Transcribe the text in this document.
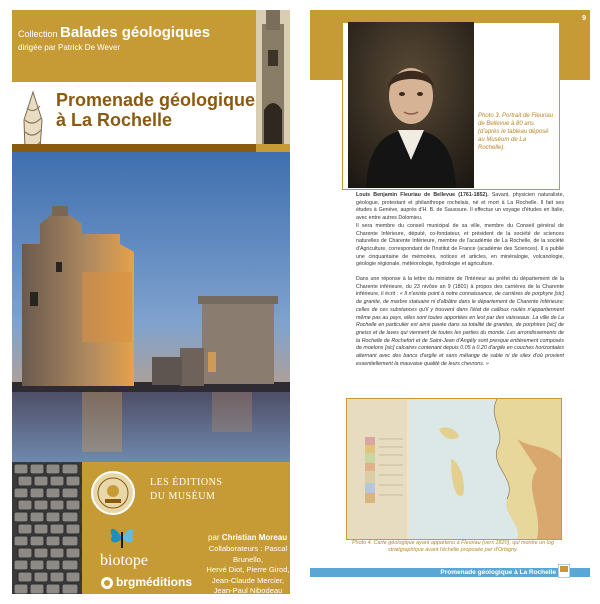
Collection Balades géologiques
dirigée par Patrick De Wever
Promenade géologique
à La Rochelle
LES ÉDITIONS
DU MUSÉUM
par Christian Moreau
Collaborateurs : Pascal Brunello,
Hervé Diot, Pierre Girod,
Jean-Claude Mercier,
Jean-Paul Nibodeau
biotope
brgméditions
9
Photo 3. Portrait de Fleuriau de Bellevue à 80 ans (d'après le tableau déposé au Muséum de La Rochelle).

Louis Benjamin Fleuriau de Bellevue (1761-1852). Savant, physicien naturaliste, géologue, protestant et philanthrope rochelais, né et mort à La Rochelle. Il fait ses études à Genève, auprès d'H. B. de Saussure. Il effectue un voyage d'études en Italie, avec entre autres Dolomieu.
Il sera membre du conseil municipal de sa ville, membre du Conseil général de Charente Inférieure, député, co-fondateur, et président de la société de sciences naturelles de Charente Inférieure, membre de l'académie de La Rochelle, de la société d'Agriculture, correspondant de l'Institut de France (académie des Sciences). Il a publié une cinquantaine de mémoires, notices et articles, en minéralogie, volcanologie, géologie régionale, météorologie, hydrologie et agriculture.

Dans une réponse à la lettre du ministre de l'Intérieur au préfet du département de la Charente inférieure, du 23 nivôse an 9 (1801) à propos des carrières de la Charente inférieure, il écrit : « Il n'existe point à notre connaissance, de carrières de porphyre [sic] de granite, de marbre statuaire ni d'albâtre dans le département de Charente Inférieure; celles de ces substances qu'il y trouvent dans l'état de cailloux roulés n'appartiennent même pas au pays, elles sont toutes apportées en lest par des vaisseaux. La ville de La Rochelle en particulier est ainsi pavée dans sa totalité de granites, de porphires [sic] de gneiss et de laves qui viennent de toutes les parties du monde. Les arrondissements de la Rochelle de Rochefort et de Saint-Jean d'Angély sont presque entièrement composés de moelons [sic] calcaires contenant depuis 0.05 à 0.20 d'argile en couches horizontales alternant avec des bancs d'argile et sans mélange de sable ni de silex d'où provient essentiellement la mauvaise qualité de leurs chevrons. »

Photo 4. Carte géologique ayant appartenu à Fleuriau (vers 1820), qui montre un log stratigraphique avant l'échelle proposée par d'Orbigny.
Promenade géologique à La Rochelle
